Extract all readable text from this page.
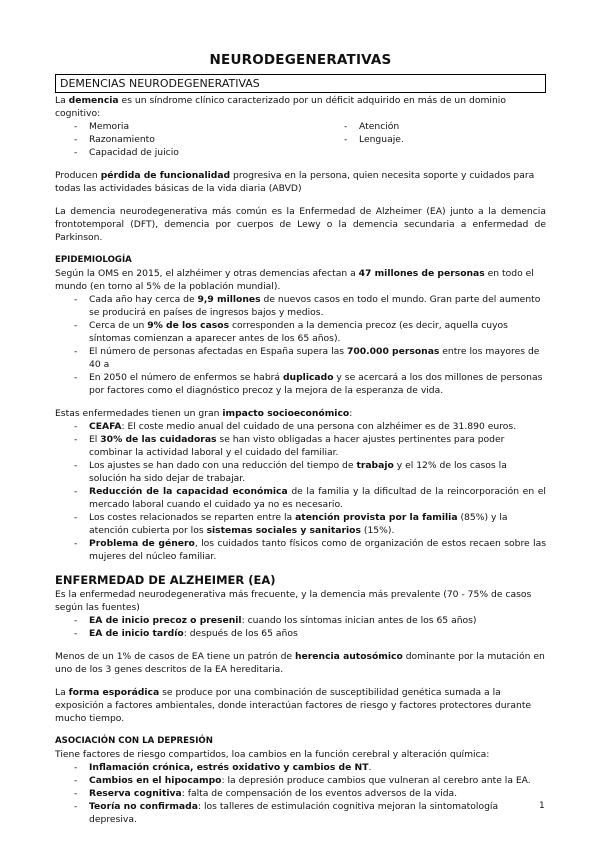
NEURODEGENERATIVAS
DEMENCIAS NEURODEGENERATIVAS

La demencia es un síndrome clínico caracterizado por un déficit adquirido en más de un dominio cognitivo:

- Memoria
- Razonamiento
- Capacidad de juicio
- Atención
- Lenguaje.

Producen pérdida de funcionalidad progresiva en la persona, quien necesita soporte y cuidados para todas las actividades básicas de la vida diaria (ABVD)

La demencia neurodegenerativa más común es la Enfermedad de Alzheimer (EA) junto a la demencia frontotemporal (DFT), demencia por cuerpos de Lewy o la demencia secundaria a enfermedad de Parkinson.

EPIDEMIOLOGÍA

Según la OMS en 2015, el alzhéimer y otras demencias afectan a 47 millones de personas en todo el mundo (en torno al 5% de la población mundial).

- Cada año hay cerca de 9,9 millones de nuevos casos en todo el mundo. Gran parte del aumento se producirá en países de ingresos bajos y medios.
- Cerca de un 9% de los casos corresponden a la demencia precoz (es decir, aquella cuyos síntomas comienzan a aparecer antes de los 65 años).
- El número de personas afectadas en España supera las 700.000 personas entre los mayores de 40 a
- En 2050 el número de enfermos se habrá duplicado y se acercará a los dos millones de personas por factores como el diagnóstico precoz y la mejora de la esperanza de vida.

Estas enfermedades tienen un gran impacto socioeconómico:

- CEAFA: El coste medio anual del cuidado de una persona con alzhéimer es de 31.890 euros.
- El 30% de las cuidadoras se han visto obligadas a hacer ajustes pertinentes para poder combinar la actividad laboral y el cuidado del familiar.
- Los ajustes se han dado con una reducción del tiempo de trabajo y el 12% de los casos la solución ha sido dejar de trabajar.
- Reducción de la capacidad económica de la familia y la dificultad de la reincorporación en el mercado laboral cuando el cuidado ya no es necesario.
- Los costes relacionados se reparten entre la atención provista por la familia (85%) y la atención cubierta por los sistemas sociales y sanitarios (15%).
- Problema de género, los cuidados tanto físicos como de organización de estos recaen sobre las mujeres del núcleo familiar.
ENFERMEDAD DE ALZHEIMER (EA)

Es la enfermedad neurodegenerativa más frecuente, y la demencia más prevalente (70 - 75% de casos según las fuentes)

- EA de inicio precoz o presenil: cuando los síntomas inician antes de los 65 años)
- EA de inicio tardío: después de los 65 años

Menos de un 1% de casos de EA tiene un patrón de herencia autosómico dominante por la mutación en uno de los 3 genes descritos de la EA hereditaria.

La forma esporádica se produce por una combinación de susceptibilidad genética sumada a la exposición a factores ambientales, donde interactúan factores de riesgo y factores protectores durante mucho tiempo.

ASOCIACIÓN CON LA DEPRESIÓN

Tiene factores de riesgo compartidos, loa cambios en la función cerebral y alteración química:

- Inflamación crónica, estrés oxidativo y cambios de NT.
- Cambios en el hipocampo: la depresión produce cambios que vulneran al cerebro ante la EA.
- Reserva cognitiva: falta de compensación de los eventos adversos de la vida.
- Teoría no confirmada: los talleres de estimulación cognitiva mejoran la sintomatología depresiva.
1
